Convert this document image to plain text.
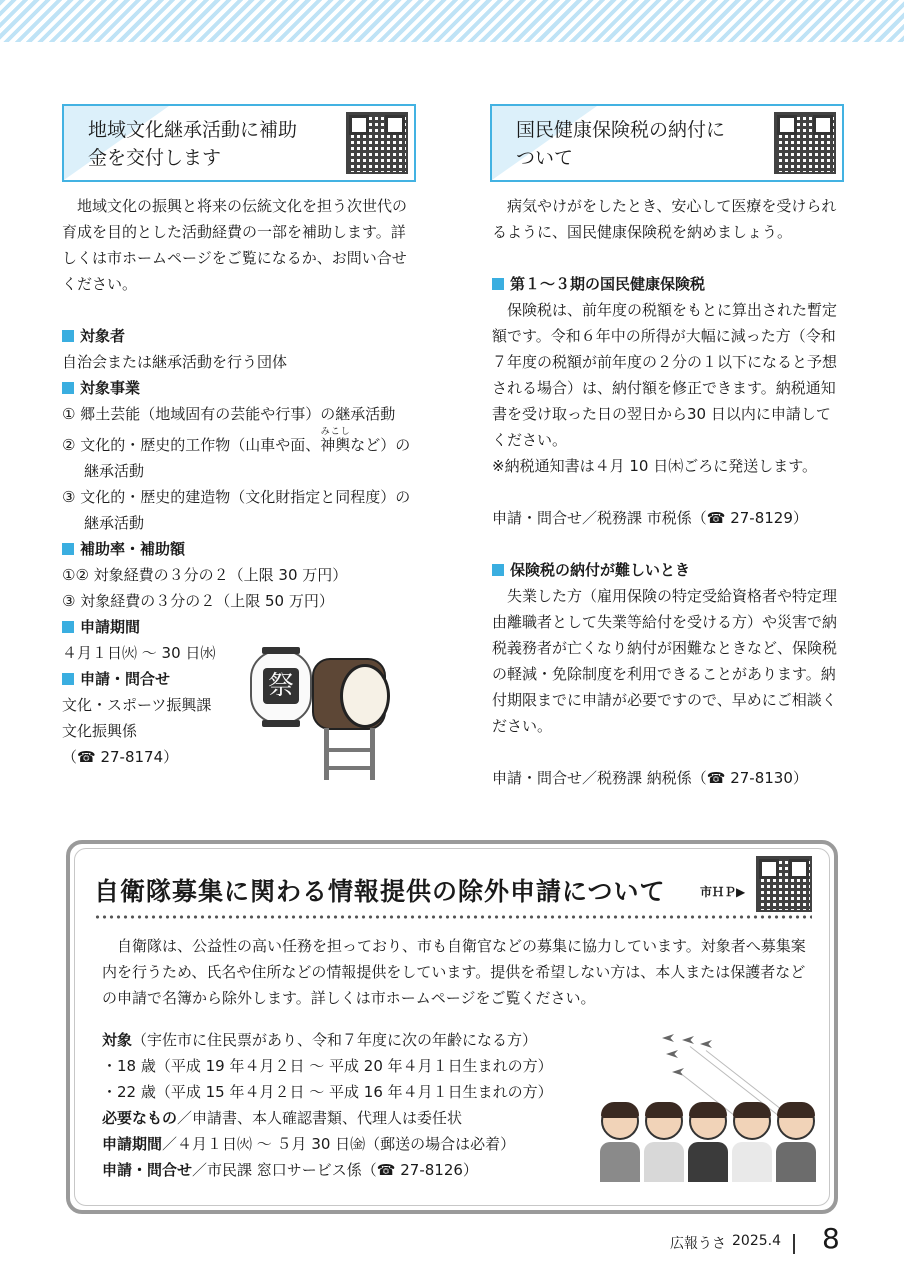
地域文化継承活動に補助
金を交付します

地域文化の振興と将来の伝統文化を担う次世代の育成を目的とした活動経費の一部を補助します。詳しくは市ホームページをご覧になるか、お問い合せください。

対象者
自治会または継承活動を行う団体
対象事業
① 郷土芸能（地域固有の芸能や行事）の継承活動
② 文化的・歴史的工作物（山車や面、神輿みこしなど）の継承活動
③ 文化的・歴史的建造物（文化財指定と同程度）の継承活動
補助率・補助額
①② 対象経費の３分の２（上限 30 万円）
③ 対象経費の３分の２（上限 50 万円）
申請期間
４月１日㈫ ～ 30 日㈬
申請・問合せ
文化・スポーツ振興課
文化振興係
（☎ 27-8174）
祭
国民健康保険税の納付に
ついて

病気やけがをしたとき、安心して医療を受けられるように、国民健康保険税を納めましょう。

第１～３期の国民健康保険税

保険税は、前年度の税額をもとに算出された暫定額です。令和６年中の所得が大幅に減った方（令和７年度の税額が前年度の２分の１以下になると予想される場合）は、納付額を修正できます。納税通知書を受け取った日の翌日から30 日以内に申請してください。

※納税通知書は４月 10 日㈭ごろに発送します。
申請・問合せ／税務課 市税係（☎ 27-8129）
保険税の納付が難しいとき

失業した方（雇用保険の特定受給資格者や特定理由離職者として失業等給付を受ける方）や災害で納税義務者が亡くなり納付が困難なときなど、保険税の軽減・免除制度を利用できることがあります。納付期限までに申請が必要ですので、早めにご相談ください。

申請・問合せ／税務課 納税係（☎ 27-8130）
自衛隊募集に関わる情報提供の除外申請について	市ＨＰ▶

自衛隊は、公益性の高い任務を担っており、市も自衛官などの募集に協力しています。対象者へ募集案内を行うため、氏名や住所などの情報提供をしています。提供を希望しない方は、本人または保護者などの申請で名簿から除外します。詳しくは市ホームページをご覧ください。

対象（宇佐市に住民票があり、令和７年度に次の年齢になる方）
・18 歳（平成 19 年４月２日 ～ 平成 20 年４月１日生まれの方）
・22 歳（平成 15 年４月２日 ～ 平成 16 年４月１日生まれの方）
必要なもの／申請書、本人確認書類、代理人は委任状
申請期間／４月１日㈫ ～ ５月 30 日㈮（郵送の場合は必着）
申請・問合せ／市民課 窓口サービス係（☎ 27-8126）
広報うさ 2025.4 8
